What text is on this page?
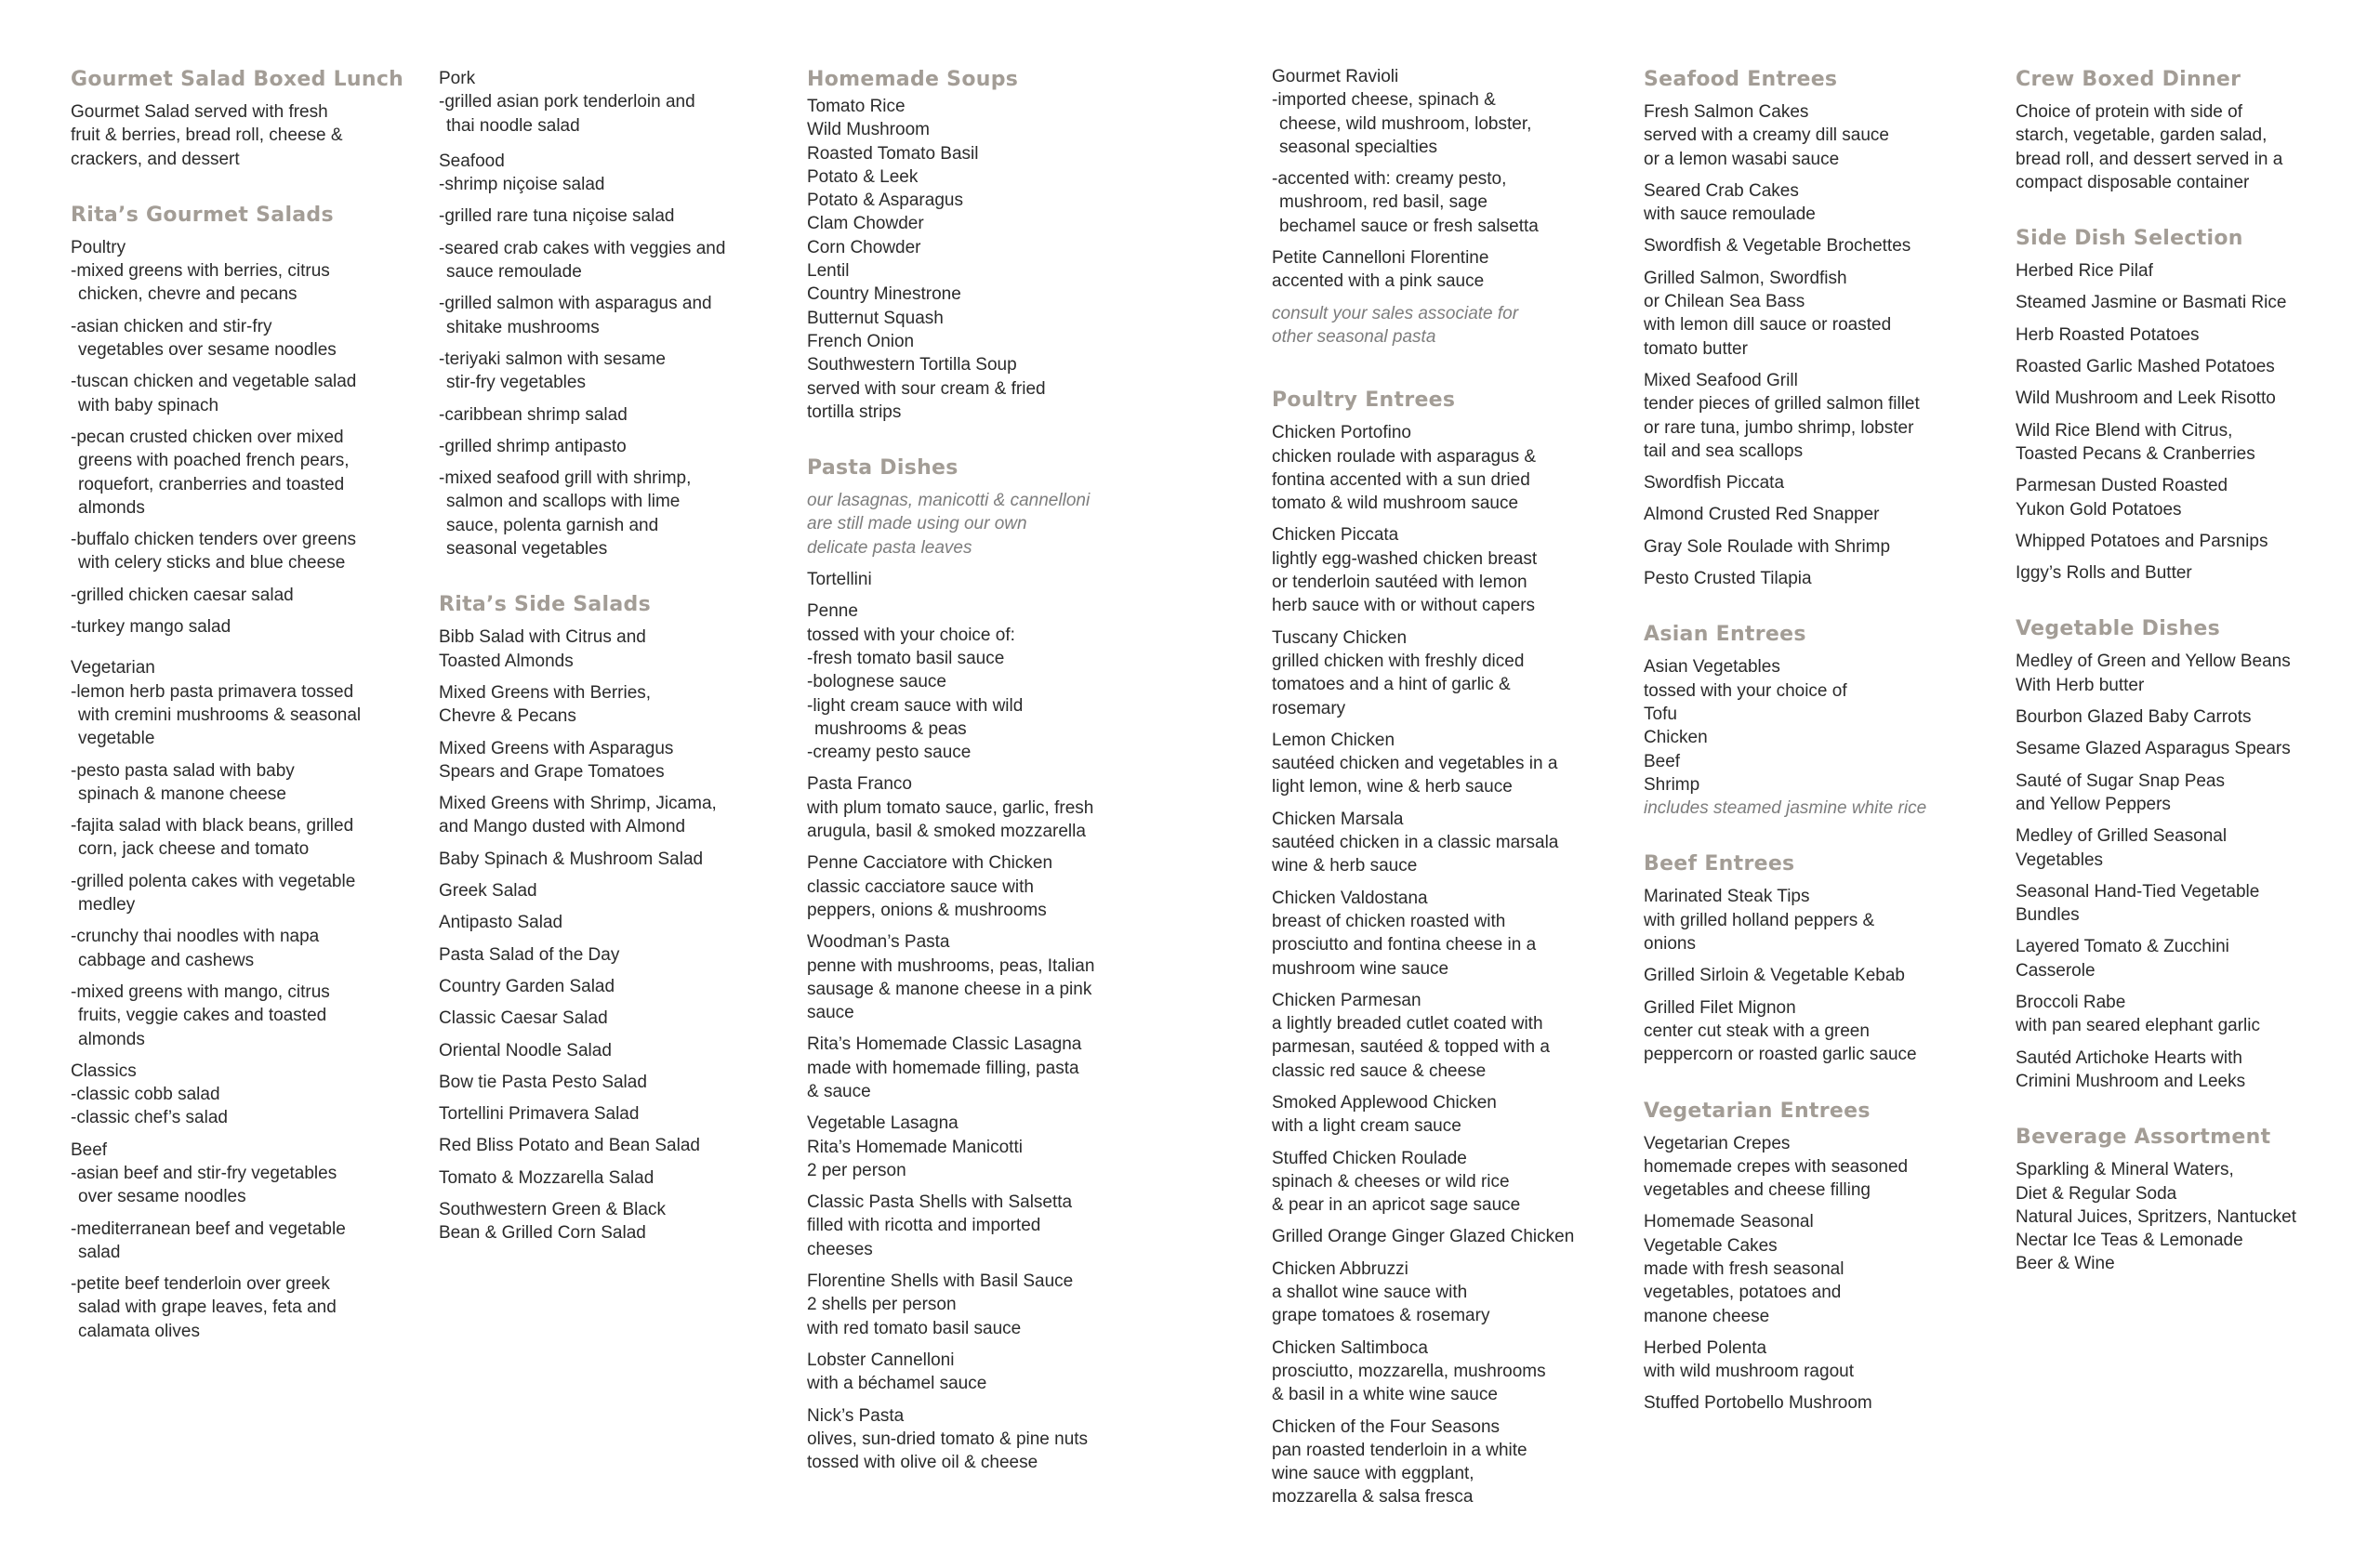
Gourmet Salad Boxed Lunch
Gourmet Salad served with fresh
fruit & berries, bread roll, cheese &
crackers, and dessert
Rita’s Gourmet Salads
Poultry
-mixed greens with berries, citrus
chicken, chevre and pecans
-asian chicken and stir-fry
vegetables over sesame noodles
-tuscan chicken and vegetable salad
with baby spinach
-pecan crusted chicken over mixed
greens with poached french pears,
roquefort, cranberries and toasted
almonds
-buffalo chicken tenders over greens
with celery sticks and blue cheese
-grilled chicken caesar salad
-turkey mango salad
Vegetarian
-lemon herb pasta primavera tossed
with cremini mushrooms & seasonal
vegetable
-pesto pasta salad with baby
spinach & manone cheese
-fajita salad with black beans, grilled
corn, jack cheese and tomato
-grilled polenta cakes with vegetable
medley
-crunchy thai noodles with napa
cabbage and cashews
-mixed greens with mango, citrus
fruits, veggie cakes and toasted
almonds
Classics
-classic cobb salad
-classic chef’s salad
Beef
-asian beef and stir-fry vegetables
over sesame noodles
-mediterranean beef and vegetable
salad
-petite beef tenderloin over greek
salad with grape leaves, feta and
calamata olives
Pork
-grilled asian pork tenderloin and
thai noodle salad
Seafood
-shrimp niçoise salad
-grilled rare tuna niçoise salad
-seared crab cakes with veggies and
sauce remoulade
-grilled salmon with asparagus and
shitake mushrooms
-teriyaki salmon with sesame
stir-fry vegetables
-caribbean shrimp salad
-grilled shrimp antipasto
-mixed seafood grill with shrimp,
salmon and scallops with lime
sauce, polenta garnish and
seasonal vegetables
Rita’s Side Salads
Bibb Salad with Citrus and
Toasted Almonds
Mixed Greens with Berries,
Chevre & Pecans
Mixed Greens with Asparagus
Spears and Grape Tomatoes
Mixed Greens with Shrimp, Jicama,
and Mango dusted with Almond
Baby Spinach & Mushroom Salad
Greek Salad
Antipasto Salad
Pasta Salad of the Day
Country Garden Salad
Classic Caesar Salad
Oriental Noodle Salad
Bow tie Pasta Pesto Salad
Tortellini Primavera Salad
Red Bliss Potato and Bean Salad
Tomato & Mozzarella Salad
Southwestern Green & Black
Bean & Grilled Corn Salad
Homemade Soups
Tomato Rice
Wild Mushroom
Roasted Tomato Basil
Potato & Leek
Potato & Asparagus
Clam Chowder
Corn Chowder
Lentil
Country Minestrone
Butternut Squash
French Onion
Southwestern Tortilla Soup
served with sour cream & fried
tortilla strips
Pasta Dishes
our lasagnas, manicotti & cannelloni
are still made using our own
delicate pasta leaves
Tortellini
Penne
tossed with your choice of:
-fresh tomato basil sauce
-bolognese sauce
-light cream sauce with wild
mushrooms & peas
-creamy pesto sauce
Pasta Franco
with plum tomato sauce, garlic, fresh
arugula, basil & smoked mozzarella
Penne Cacciatore with Chicken
classic cacciatore sauce with
peppers, onions & mushrooms
Woodman’s Pasta
penne with mushrooms, peas, Italian
sausage & manone cheese in a pink
sauce
Rita’s Homemade Classic Lasagna
made with homemade filling, pasta
& sauce
Vegetable Lasagna
Rita’s Homemade Manicotti
2 per person
Classic Pasta Shells with Salsetta
filled with ricotta and imported
cheeses
Florentine Shells with Basil Sauce
2 shells per person
with red tomato basil sauce
Lobster Cannelloni
with a béchamel sauce
Nick’s Pasta
olives, sun-dried tomato & pine nuts
tossed with olive oil & cheese
Gourmet Ravioli
-imported cheese, spinach &
cheese, wild mushroom, lobster,
seasonal specialties
-accented with: creamy pesto,
mushroom, red basil, sage
bechamel sauce or fresh salsetta
Petite Cannelloni Florentine
accented with a pink sauce
consult your sales associate for
other seasonal pasta
Poultry Entrees
Chicken Portofino
chicken roulade with asparagus &
fontina accented with a sun dried
tomato & wild mushroom sauce
Chicken Piccata
lightly egg-washed chicken breast
or tenderloin sautéed with lemon
herb sauce with or without capers
Tuscany Chicken
grilled chicken with freshly diced
tomatoes and a hint of garlic &
rosemary
Lemon Chicken
sautéed chicken and vegetables in a
light lemon, wine & herb sauce
Chicken Marsala
sautéed chicken in a classic marsala
wine & herb sauce
Chicken Valdostana
breast of chicken roasted with
prosciutto and fontina cheese in a
mushroom wine sauce
Chicken Parmesan
a lightly breaded cutlet coated with
parmesan, sautéed & topped with a
classic red sauce & cheese
Smoked Applewood Chicken
with a light cream sauce
Stuffed Chicken Roulade
spinach & cheeses or wild rice
& pear in an apricot sage sauce
Grilled Orange Ginger Glazed Chicken
Chicken Abbruzzi
a shallot wine sauce with
grape tomatoes & rosemary
Chicken Saltimboca
prosciutto, mozzarella, mushrooms
& basil in a white wine sauce
Chicken of the Four Seasons
pan roasted tenderloin in a white
wine sauce with eggplant,
mozzarella & salsa fresca
Seafood Entrees
Fresh Salmon Cakes
served with a creamy dill sauce
or a lemon wasabi sauce
Seared Crab Cakes
with sauce remoulade
Swordfish & Vegetable Brochettes
Grilled Salmon, Swordfish
or Chilean Sea Bass
with lemon dill sauce or roasted
tomato butter
Mixed Seafood Grill
tender pieces of grilled salmon fillet
or rare tuna, jumbo shrimp, lobster
tail and sea scallops
Swordfish Piccata
Almond Crusted Red Snapper
Gray Sole Roulade with Shrimp
Pesto Crusted Tilapia
Asian Entrees
Asian Vegetables
tossed with your choice of
Tofu
Chicken
Beef
Shrimp
includes steamed jasmine white rice
Beef Entrees
Marinated Steak Tips
with grilled holland peppers &
onions
Grilled Sirloin & Vegetable Kebab
Grilled Filet Mignon
center cut steak with a green
peppercorn or roasted garlic sauce
Vegetarian Entrees
Vegetarian Crepes
homemade crepes with seasoned
vegetables and cheese filling
Homemade Seasonal
Vegetable Cakes
made with fresh seasonal
vegetables, potatoes and
manone cheese
Herbed Polenta
with wild mushroom ragout
Stuffed Portobello Mushroom
Crew Boxed Dinner
Choice of protein with side of
starch, vegetable, garden salad,
bread roll, and dessert served in a
compact disposable container
Side Dish Selection
Herbed Rice Pilaf
Steamed Jasmine or Basmati Rice
Herb Roasted Potatoes
Roasted Garlic Mashed Potatoes
Wild Mushroom and Leek Risotto
Wild Rice Blend with Citrus,
Toasted Pecans & Cranberries
Parmesan Dusted Roasted
Yukon Gold Potatoes
Whipped Potatoes and Parsnips
Iggy’s Rolls and Butter
Vegetable Dishes
Medley of Green and Yellow Beans
With Herb butter
Bourbon Glazed Baby Carrots
Sesame Glazed Asparagus Spears
Sauté of Sugar Snap Peas
and Yellow Peppers
Medley of Grilled Seasonal
Vegetables
Seasonal Hand-Tied Vegetable
Bundles
Layered Tomato & Zucchini
Casserole
Broccoli Rabe
with pan seared elephant garlic
Sautéd Artichoke Hearts with
Crimini Mushroom and Leeks
Beverage Assortment
Sparkling & Mineral Waters,
Diet & Regular Soda
Natural Juices, Spritzers, Nantucket
Nectar Ice Teas & Lemonade
Beer & Wine
